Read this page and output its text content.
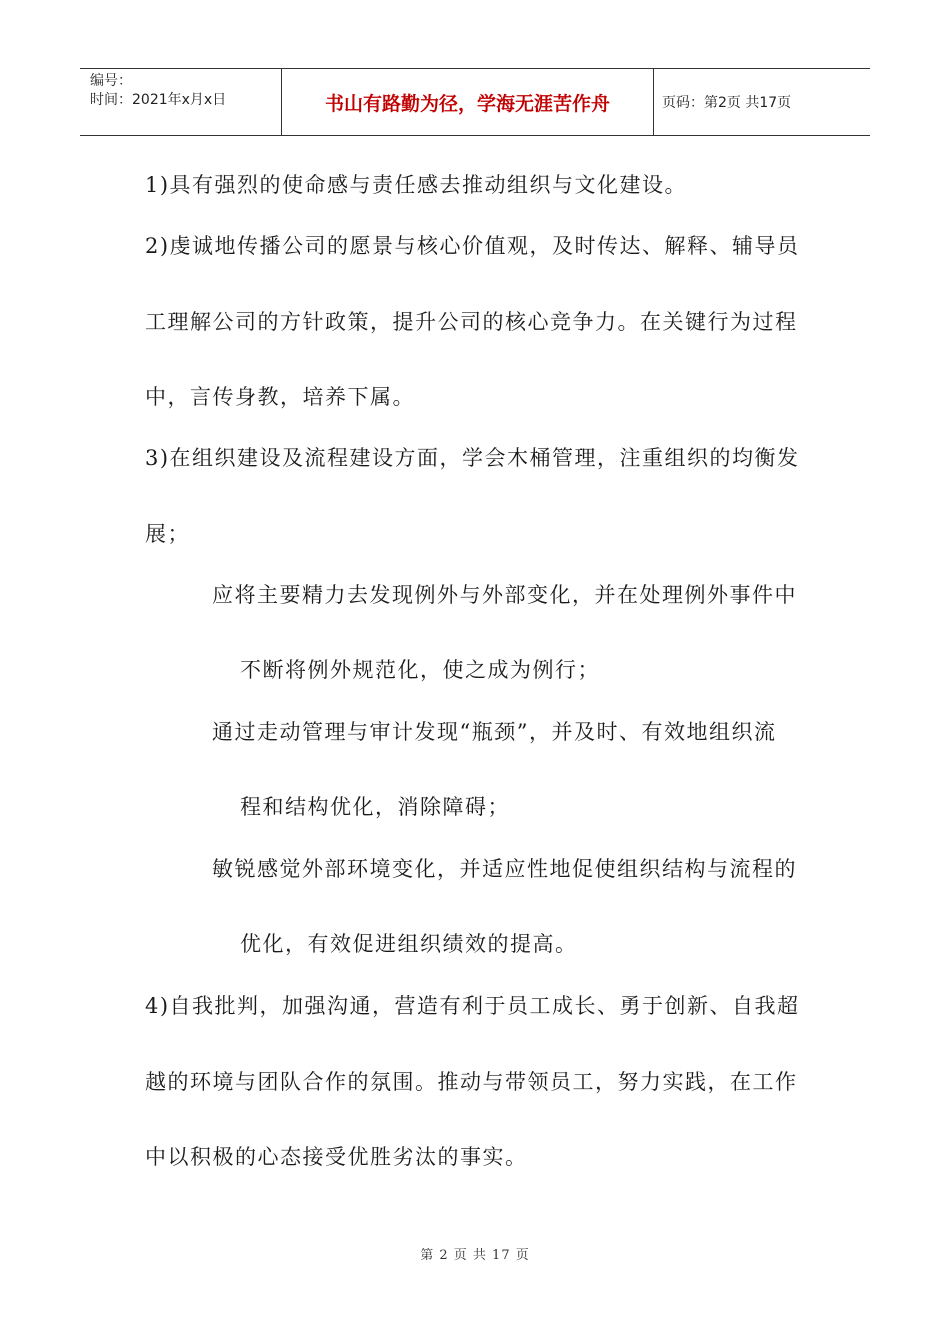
编号：
时间：2021年x月x日	书山有路勤为径，学海无涯苦作舟	页码：第2页 共17页
1)具有强烈的使命感与责任感去推动组织与文化建设。
2)虔诚地传播公司的愿景与核心价值观，及时传达、解释、辅导员
工理解公司的方针政策，提升公司的核心竞争力。在关键行为过程
中，言传身教，培养下属。
3)在组织建设及流程建设方面，学会木桶管理，注重组织的均衡发
展；
应将主要精力去发现例外与外部变化，并在处理例外事件中
不断将例外规范化，使之成为例行；
通过走动管理与审计发现“瓶颈”，并及时、有效地组织流
程和结构优化，消除障碍；
敏锐感觉外部环境变化，并适应性地促使组织结构与流程的
优化，有效促进组织绩效的提高。
4)自我批判，加强沟通，营造有利于员工成长、勇于创新、自我超
越的环境与团队合作的氛围。推动与带领员工，努力实践，在工作
中以积极的心态接受优胜劣汰的事实。
第 2 页 共 17 页
